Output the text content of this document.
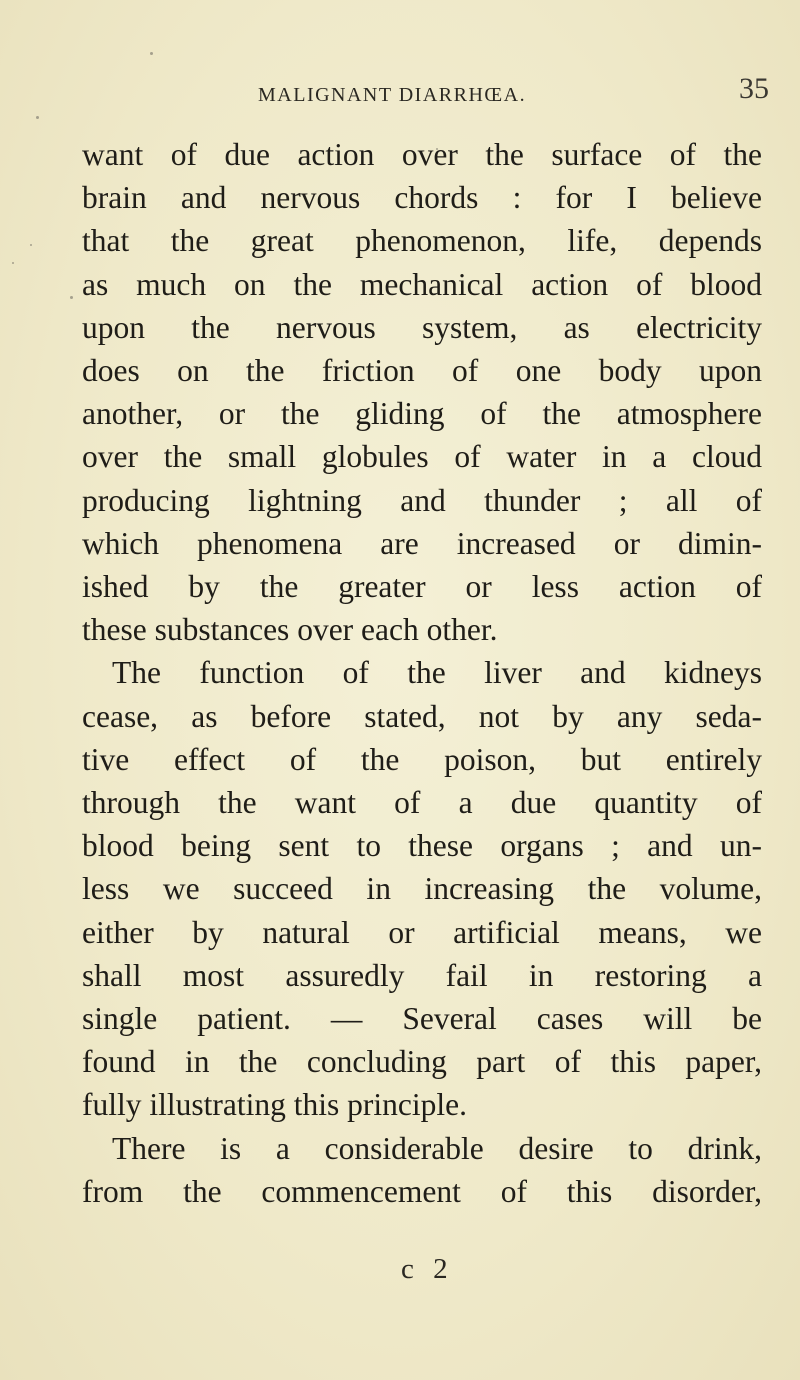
MALIGNANT DIARRHŒA.	35
want of due action over the surface of the
brain and nervous chords : for I believe
that the great phenomenon, life, depends
as much on the mechanical action of blood
upon the nervous system, as electricity
does on the friction of one body upon
another, or the gliding of the atmosphere
over the small globules of water in a cloud
producing lightning and thunder ; all of
which phenomena are increased or dimin-
ished by the greater or less action of
these substances over each other.
The function of the liver and kidneys
cease, as before stated, not by any seda-
tive effect of the poison, but entirely
through the want of a due quantity of
blood being sent to these organs ; and un-
less we succeed in increasing the volume,
either by natural or artificial means, we
shall most assuredly fail in restoring a
single patient. — Several cases will be
found in the concluding part of this paper,
fully illustrating this principle.
There is a considerable desire to drink,
from the commencement of this disorder,
c 2
